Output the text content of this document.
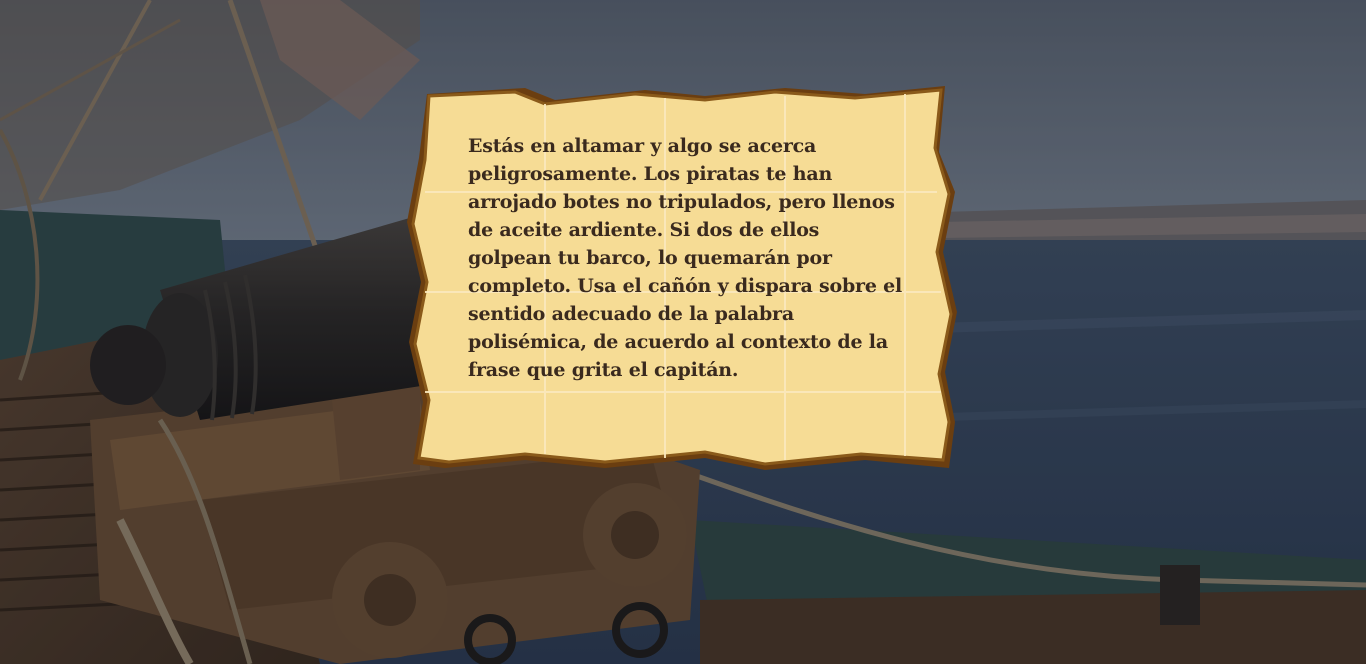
Estás en altamar y algo se acerca peligrosamente. Los piratas te han arrojado botes no tripulados, pero llenos de aceite ardiente. Si dos de ellos golpean tu barco, lo quemarán por completo. Usa el cañón y dispara sobre el sentido adecuado de la palabra polisémica, de acuerdo al contexto de la frase que grita el capitán.
